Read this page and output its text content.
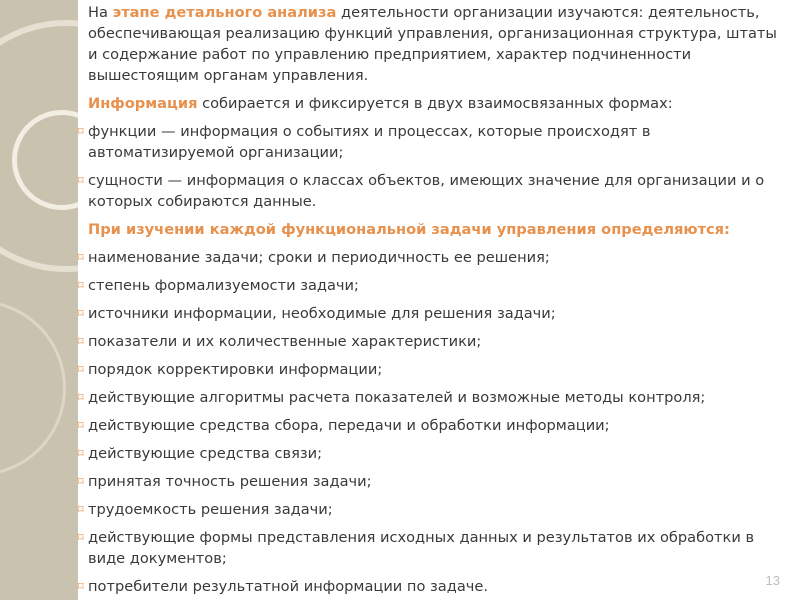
На этапе детального анализа деятельности организации изучаются: деятельность, обеспечивающая реализацию функций управления, организационная структура, штаты и содержание работ по управлению предприятием, характер подчиненности вышестоящим органам управления.

Информация собирается и фиксируется в двух взаимосвязанных формах:

⌑ функции — информация о событиях и процессах, которые происходят в автоматизируемой организации;
⌑ сущности — информация о классах объектов, имеющих значение для организации и о которых собираются данные.

При изучении каждой функциональной задачи управления определяются:

⌑ наименование задачи; сроки и периодичность ее решения;
⌑ степень формализуемости задачи;
⌑ источники информации, необходимые для решения задачи;
⌑ показатели и их количественные характеристики;
⌑ порядок корректировки информации;
⌑ действующие алгоритмы расчета показателей и возможные методы контроля;
⌑ действующие средства сбора, передачи и обработки информации;
⌑ действующие средства связи;
⌑ принятая точность решения задачи;
⌑ трудоемкость решения задачи;
⌑ действующие формы представления исходных данных и результатов их обработки в виде документов;
⌑ потребители результатной информации по задаче.	13
